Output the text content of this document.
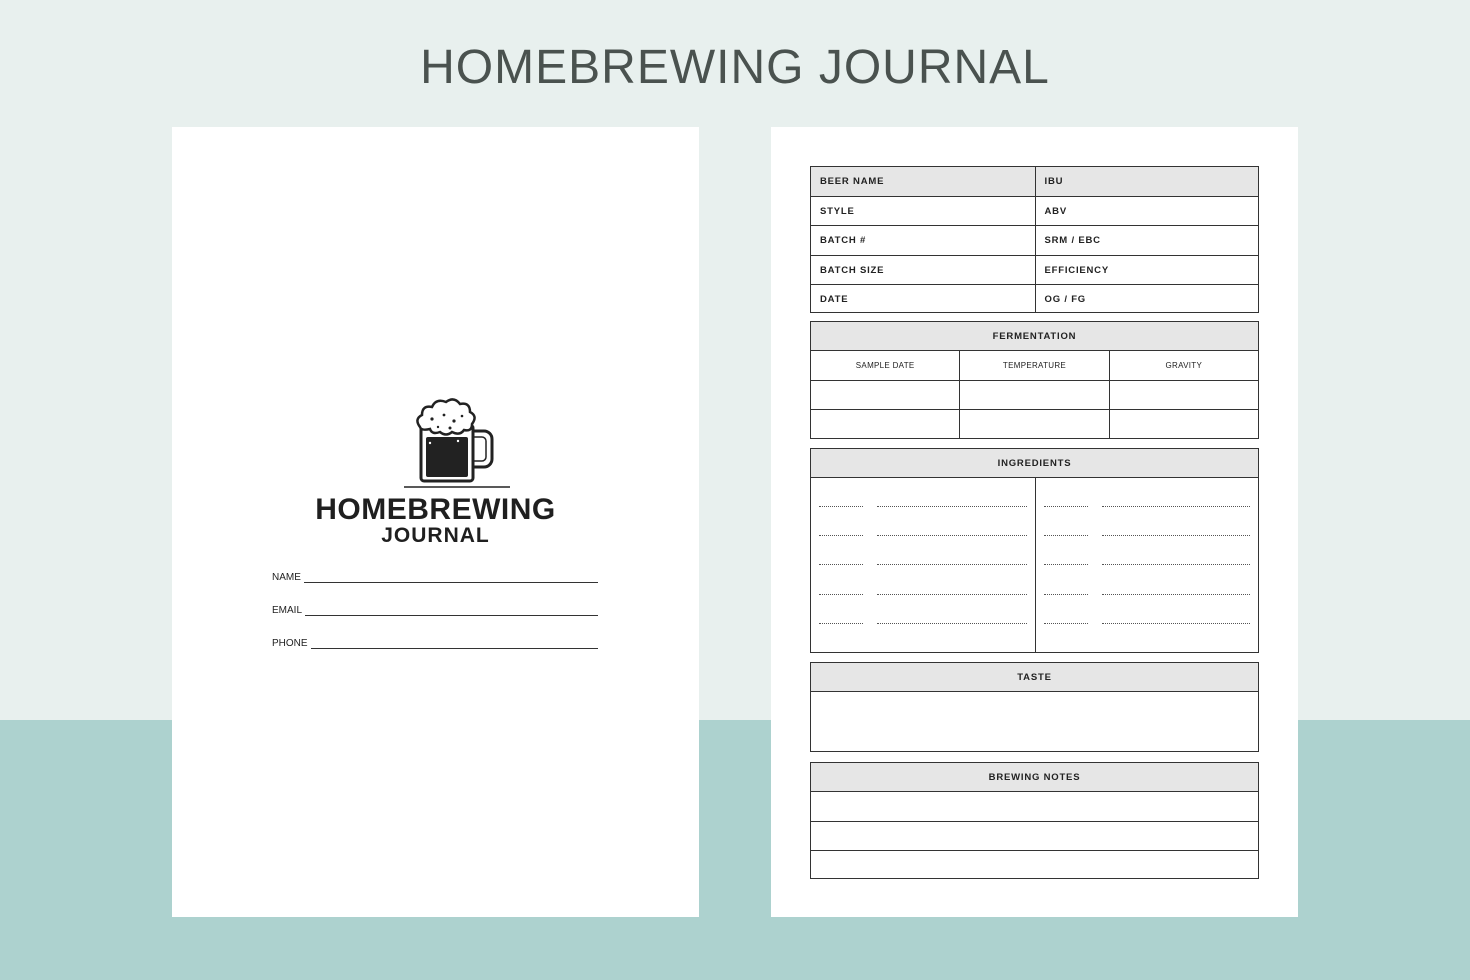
HOMEBREWING JOURNAL
HOMEBREWING
JOURNAL
NAME
EMAIL
PHONE
BEER NAME	IBU
STYLE	ABV
BATCH #	SRM / EBC
BATCH SIZE	EFFICIENCY
DATE	OG / FG
FERMENTATION
SAMPLE DATE	TEMPERATURE	GRAVITY
INGREDIENTS
TASTE
BREWING NOTES
